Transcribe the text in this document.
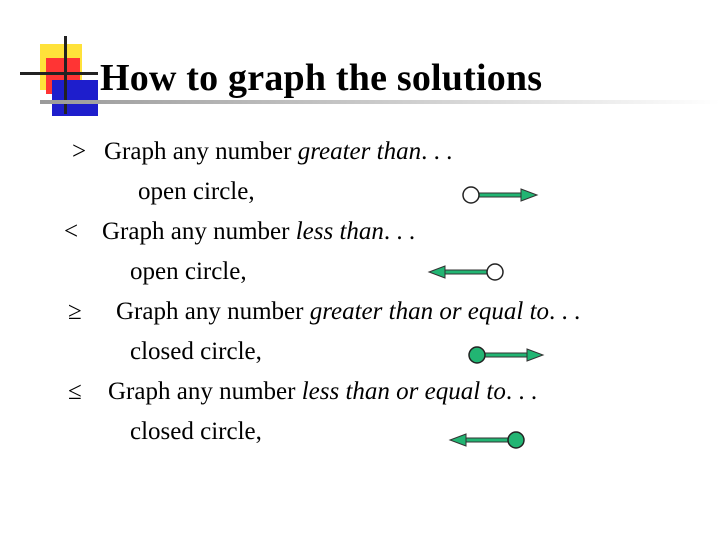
How to graph the solutions
> Graph any number greater than. . .
open circle,
< Graph any number less than. . .
open circle,
≥ Graph any number greater than or equal to. . .
closed circle,
≤ Graph any number less than or equal to. . .
closed circle,
